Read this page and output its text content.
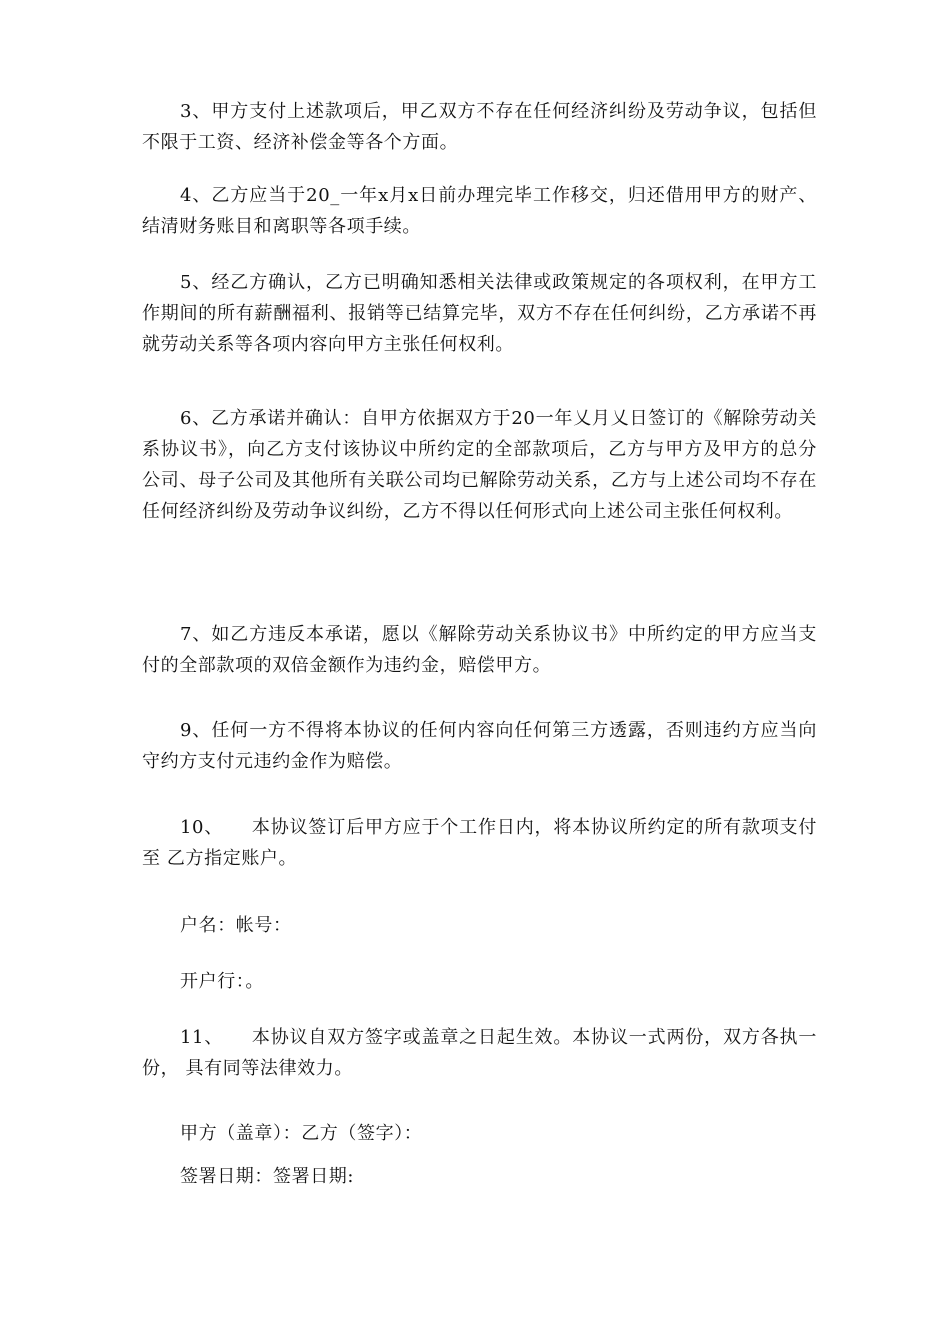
3、甲方支付上述款项后，甲乙双方不存在任何经济纠纷及劳动争议，包括但不限于工资、经济补偿金等各个方面。

4、乙方应当于20_一年x月x日前办理完毕工作移交，归还借用甲方的财产、 结清财务账目和离职等各项手续。

5、经乙方确认，乙方已明确知悉相关法律或政策规定的各项权利，在甲方工作期间的所有薪酬福利、报销等已结算完毕，双方不存在任何纠纷，乙方承诺不再就劳动关系等各项内容向甲方主张任何权利。

6、乙方承诺并确认：自甲方依据双方于20一年乂月乂日签订的《解除劳动关系协议书》，向乙方支付该协议中所约定的全部款项后，乙方与甲方及甲方的总分公司、母子公司及其他所有关联公司均已解除劳动关系，乙方与上述公司均不存在任何经济纠纷及劳动争议纠纷，乙方不得以任何形式向上述公司主张任何权利。

7、如乙方违反本承诺，愿以《解除劳动关系协议书》中所约定的甲方应当支付的全部款项的双倍金额作为违约金，赔偿甲方。

9、任何一方不得将本协议的任何内容向任何第三方透露，否则违约方应当向守约方支付元违约金作为赔偿。

10、　　本协议签订后甲方应于个工作日内，将本协议所约定的所有款项支付至 乙方指定账户。

户名：帐号：

开户行：。

11、　　本协议自双方签字或盖章之日起生效。本协议一式两份，双方各执一份， 具有同等法律效力。

甲方（盖章）：乙方（签字）：

签署日期：签署日期:
